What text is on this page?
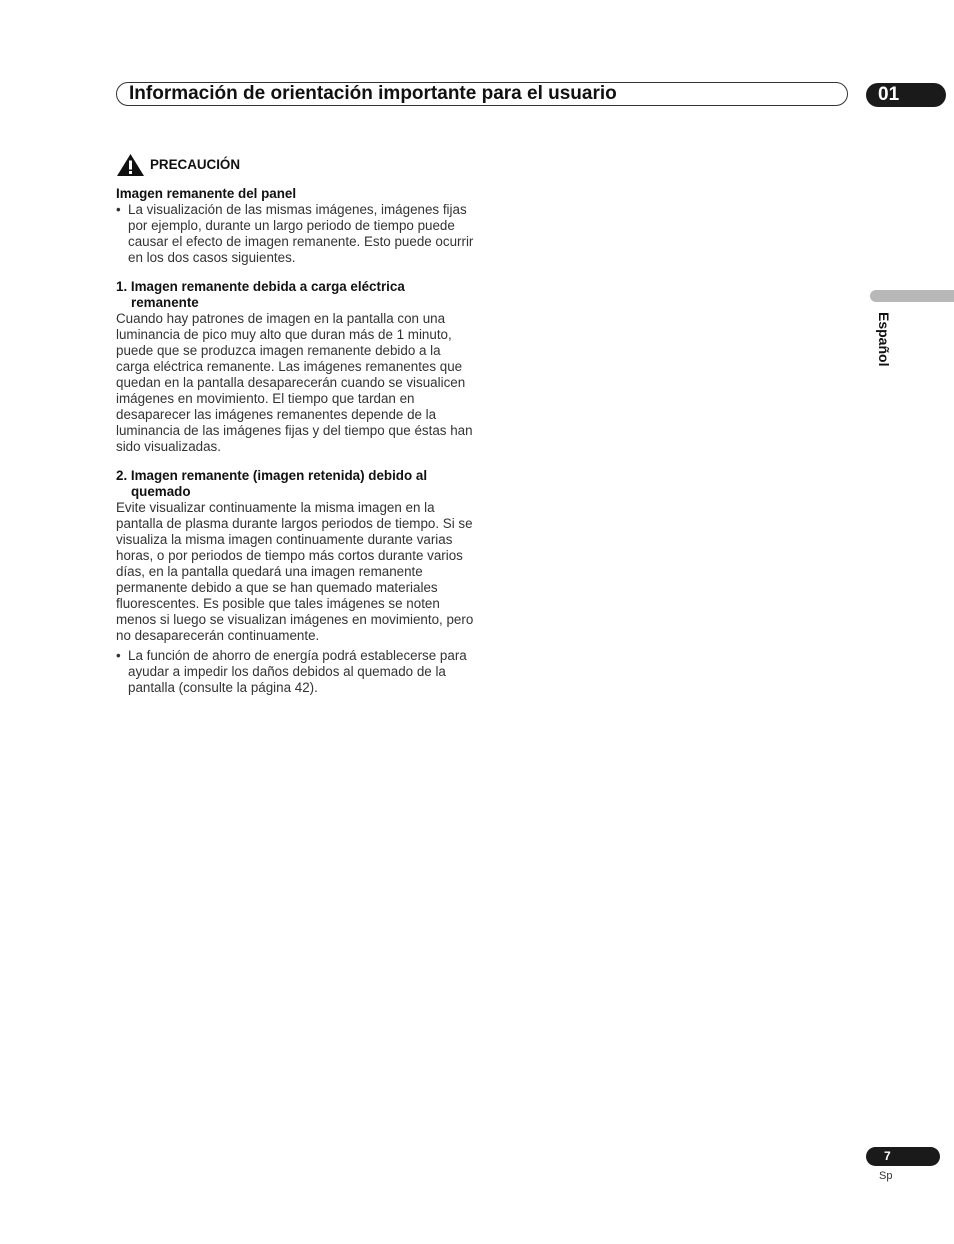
Información de orientación importante para el usuario	01
PRECAUCIÓN
Imagen remanente del panel
• La visualización de las mismas imágenes, imágenes fijas por ejemplo, durante un largo periodo de tiempo puede causar el efecto de imagen remanente. Esto puede ocurrir en los dos casos siguientes.
1. Imagen remanente debida a carga eléctrica remanente

Cuando hay patrones de imagen en la pantalla con una luminancia de pico muy alto que duran más de 1 minuto, puede que se produzca imagen remanente debido a la carga eléctrica remanente. Las imágenes remanentes que quedan en la pantalla desaparecerán cuando se visualicen imágenes en movimiento. El tiempo que tardan en desaparecer las imágenes remanentes depende de la luminancia de las imágenes fijas y del tiempo que éstas han sido visualizadas.

2. Imagen remanente (imagen retenida) debido al quemado

Evite visualizar continuamente la misma imagen en la pantalla de plasma durante largos periodos de tiempo. Si se visualiza la misma imagen continuamente durante varias horas, o por periodos de tiempo más cortos durante varios días, en la pantalla quedará una imagen remanente permanente debido a que se han quemado materiales fluorescentes. Es posible que tales imágenes se noten menos si luego se visualizan imágenes en movimiento, pero no desaparecerán continuamente.

• La función de ahorro de energía podrá establecerse para ayudar a impedir los daños debidos al quemado de la pantalla (consulte la página 42).
Español
7
Sp
